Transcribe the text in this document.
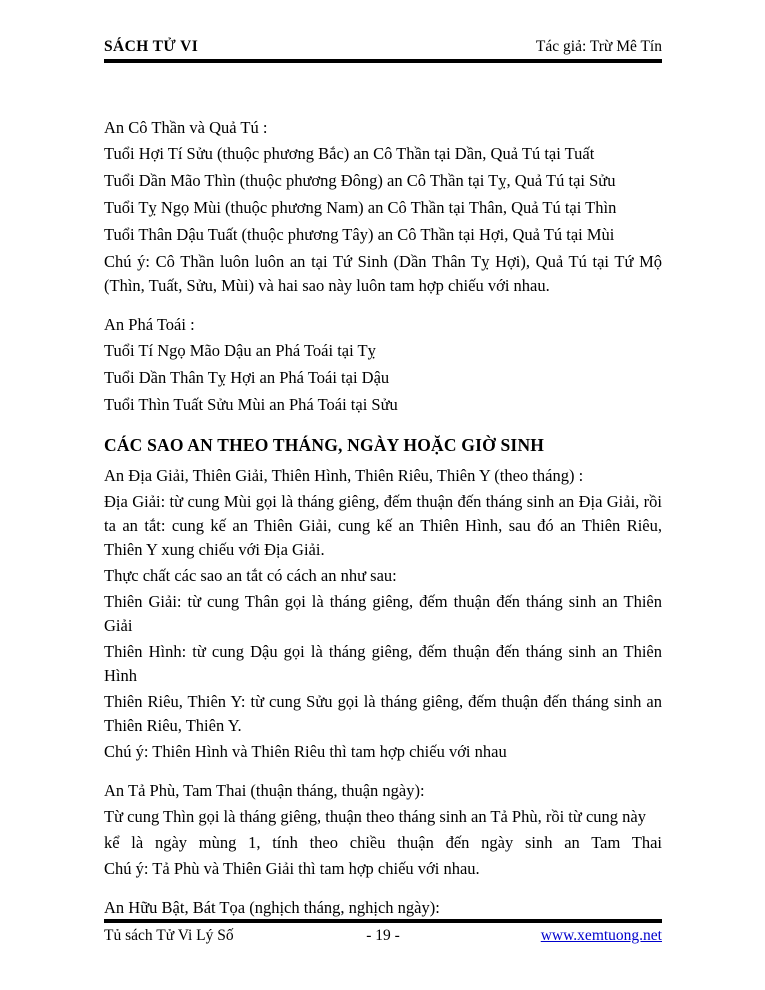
SÁCH TỬ VI	Tác giả: Trừ Mê Tín

An Cô Thần và Quả Tú :

Tuổi Hợi Tí Sửu (thuộc phương Bắc) an Cô Thần tại Dần, Quả Tú tại Tuất

Tuổi Dần Mão Thìn (thuộc phương Đông) an Cô Thần tại Tỵ, Quả Tú tại Sửu

Tuổi Tỵ Ngọ Mùi (thuộc phương Nam) an Cô Thần tại Thân, Quả Tú tại Thìn

Tuổi Thân Dậu Tuất (thuộc phương Tây) an Cô Thần tại Hợi, Quả Tú tại Mùi

Chú ý: Cô Thần luôn luôn an tại Tứ Sinh (Dần Thân Tỵ Hợi), Quả Tú tại Tứ Mộ (Thìn, Tuất, Sửu, Mùi) và hai sao này luôn tam hợp chiếu với nhau.

An Phá Toái :

Tuổi Tí Ngọ Mão Dậu an Phá Toái tại Tỵ

Tuổi Dần Thân Tỵ Hợi an Phá Toái tại Dậu

Tuổi Thìn Tuất Sửu Mùi an Phá Toái tại Sửu

CÁC SAO AN THEO THÁNG, NGÀY HOẶC GIỜ SINH

An Địa Giải, Thiên Giải, Thiên Hình, Thiên Riêu, Thiên Y (theo tháng) :

Địa Giải: từ cung Mùi gọi là tháng giêng, đếm thuận đến tháng sinh an Địa Giải, rồi ta an tắt: cung kế an Thiên Giải, cung kế an Thiên Hình, sau đó an Thiên Riêu, Thiên Y xung chiếu với Địa Giải.

Thực chất các sao an tắt có cách an như sau:

Thiên Giải: từ cung Thân gọi là tháng giêng, đếm thuận đến tháng sinh an Thiên Giải

Thiên Hình: từ cung Dậu gọi là tháng giêng, đếm thuận đến tháng sinh an Thiên Hình

Thiên Riêu, Thiên Y: từ cung Sửu gọi là tháng giêng, đếm thuận đến tháng sinh an Thiên Riêu, Thiên Y.

Chú ý: Thiên Hình và Thiên Riêu thì tam hợp chiếu với nhau

An Tả Phù, Tam Thai (thuận tháng, thuận ngày):

Từ cung Thìn gọi là tháng giêng, thuận theo tháng sinh an Tả Phù, rồi từ cung này

kể là ngày mùng 1, tính theo chiều thuận đến ngày sinh an Tam Thai

Chú ý: Tả Phù và Thiên Giải thì tam hợp chiếu với nhau.

An Hữu Bật, Bát Tọa (nghịch tháng, nghịch ngày):

Tủ sách Tử Vi Lý Số	- 19 -	www.xemtuong.net
